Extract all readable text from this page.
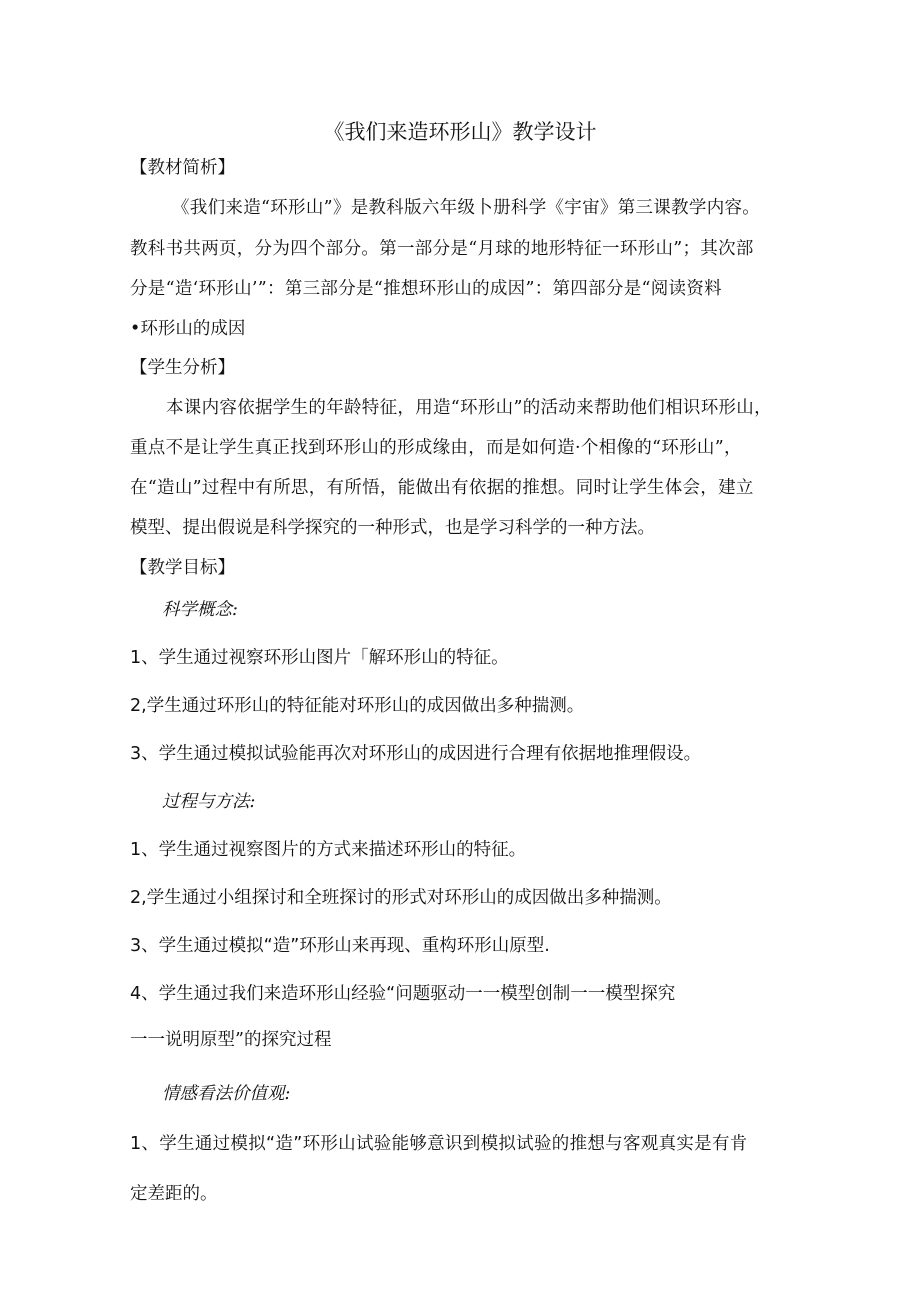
《我们来造环形山》教学设计
【教材简析】
《我们来造“环形山”》是教科版六年级卜册科学《宇宙》第三课教学内容。
教科书共两页，分为四个部分。第一部分是“月球的地形特征一环形山”；其次部
分是“造‘环形山’”：第三部分是“推想环形山的成因”：第四部分是“阅读资料
•环形山的成因
【学生分析】
本课内容依据学生的年龄特征，用造“环形山”的活动来帮助他们相识环形山，
重点不是让学生真正找到环形山的形成缘由，而是如何造·个相像的“环形山”，
在“造山”过程中有所思，有所悟，能做出有依据的推想。同时让学生体会，建立
模型、提出假说是科学探究的一种形式，也是学习科学的一种方法。
【教学目标】
科学概念:
1、学生通过视察环形山图片「解环形山的特征。
2,学生通过环形山的特征能对环形山的成因做出多种揣测。
3、学生通过模拟试验能再次对环形山的成因进行合理有依据地推理假设。
过程与方法:
1、学生通过视察图片的方式来描述环形山的特征。
2,学生通过小组探讨和全班探讨的形式对环形山的成因做出多种揣测。
3、学生通过模拟“造”环形山来再现、重构环形山原型.
4、学生通过我们来造环形山经验“问题驱动一一模型创制一一模型探究
一一说明原型”的探究过程
情感看法价值观:
1、学生通过模拟“造”环形山试验能够意识到模拟试验的推想与客观真实是有肯
定差距的。
